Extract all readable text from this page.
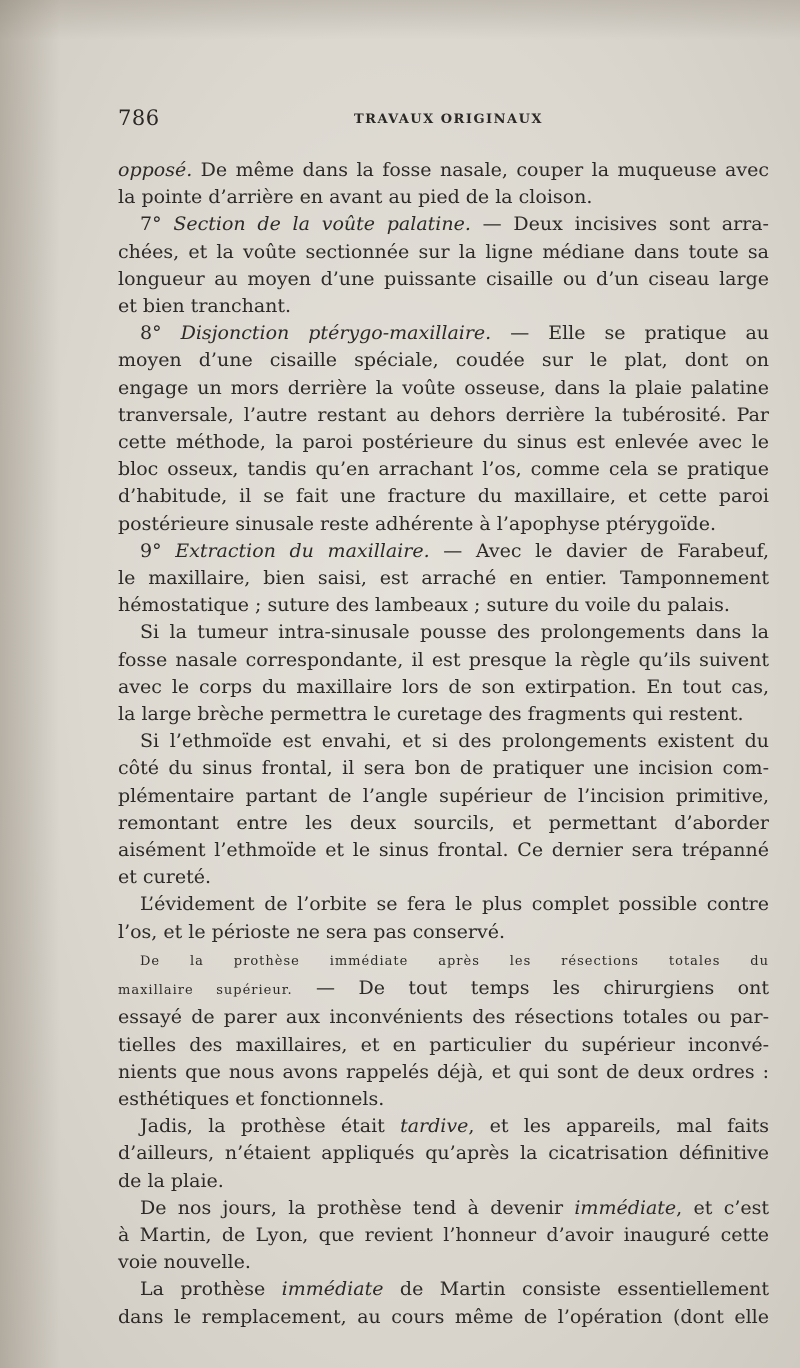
786	TRAVAUX ORIGINAUX
opposé. De même dans la fosse nasale, couper la muqueuse avec
la pointe d’arrière en avant au pied de la cloison.
7° Section de la voûte palatine. — Deux incisives sont arra-
chées, et la voûte sectionnée sur la ligne médiane dans toute sa
longueur au moyen d’une puissante cisaille ou d’un ciseau large
et bien tranchant.
8° Disjonction ptérygo-maxillaire. — Elle se pratique au
moyen d’une cisaille spéciale, coudée sur le plat, dont on
engage un mors derrière la voûte osseuse, dans la plaie palatine
tranversale, l’autre restant au dehors derrière la tubérosité. Par
cette méthode, la paroi postérieure du sinus est enlevée avec le
bloc osseux, tandis qu’en arrachant l’os, comme cela se pratique
d’habitude, il se fait une fracture du maxillaire, et cette paroi
postérieure sinusale reste adhérente à l’apophyse ptérygoïde.
9° Extraction du maxillaire. — Avec le davier de Farabeuf,
le maxillaire, bien saisi, est arraché en entier. Tamponnement
hémostatique ; suture des lambeaux ; suture du voile du palais.
Si la tumeur intra-sinusale pousse des prolongements dans la
fosse nasale correspondante, il est presque la règle qu’ils suivent
avec le corps du maxillaire lors de son extirpation. En tout cas,
la large brèche permettra le curetage des fragments qui restent.
Si l’ethmoïde est envahi, et si des prolongements existent du
côté du sinus frontal, il sera bon de pratiquer une incision com-
plémentaire partant de l’angle supérieur de l’incision primitive,
remontant entre les deux sourcils, et permettant d’aborder
aisément l’ethmoïde et le sinus frontal. Ce dernier sera trépanné
et cureté.
L’évidement de l’orbite se fera le plus complet possible contre
l’os, et le périoste ne sera pas conservé.
De la prothèse immédiate après les résections totales du
maxillaire supérieur. — De tout temps les chirurgiens ont
essayé de parer aux inconvénients des résections totales ou par-
tielles des maxillaires, et en particulier du supérieur inconvé-
nients que nous avons rappelés déjà, et qui sont de deux ordres :
esthétiques et fonctionnels.
Jadis, la prothèse était tardive, et les appareils, mal faits
d’ailleurs, n’étaient appliqués qu’après la cicatrisation définitive
de la plaie.
De nos jours, la prothèse tend à devenir immédiate, et c’est
à Martin, de Lyon, que revient l’honneur d’avoir inauguré cette
voie nouvelle.
La prothèse immédiate de Martin consiste essentiellement
dans le remplacement, au cours même de l’opération (dont elle
